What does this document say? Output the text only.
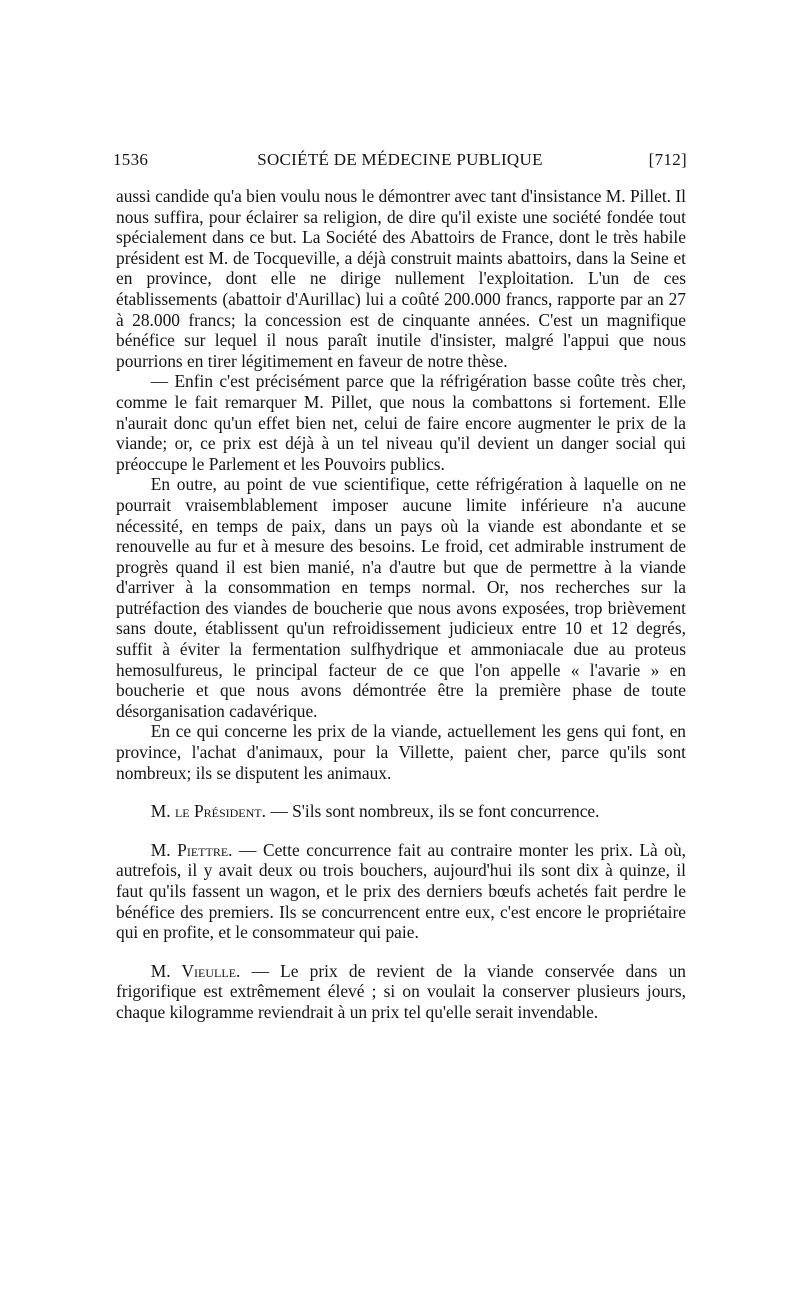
1536	SOCIÉTÉ DE MÉDECINE PUBLIQUE	[712]

aussi candide qu'a bien voulu nous le démontrer avec tant d'insistance M. Pillet. Il nous suffira, pour éclairer sa religion, de dire qu'il existe une société fondée tout spécialement dans ce but. La Société des Abattoirs de France, dont le très habile président est M. de Tocqueville, a déjà construit maints abattoirs, dans la Seine et en province, dont elle ne dirige nullement l'exploitation. L'un de ces établissements (abattoir d'Aurillac) lui a coûté 200.000 francs, rapporte par an 27 à 28.000 francs; la concession est de cinquante années. C'est un magnifique bénéfice sur lequel il nous paraît inutile d'insister, malgré l'appui que nous pourrions en tirer légitimement en faveur de notre thèse.

— Enfin c'est précisément parce que la réfrigération basse coûte très cher, comme le fait remarquer M. Pillet, que nous la combattons si fortement. Elle n'aurait donc qu'un effet bien net, celui de faire encore augmenter le prix de la viande; or, ce prix est déjà à un tel niveau qu'il devient un danger social qui préoccupe le Parlement et les Pouvoirs publics.

En outre, au point de vue scientifique, cette réfrigération à laquelle on ne pourrait vraisemblablement imposer aucune limite inférieure n'a aucune nécessité, en temps de paix, dans un pays où la viande est abondante et se renouvelle au fur et à mesure des besoins. Le froid, cet admirable instrument de progrès quand il est bien manié, n'a d'autre but que de permettre à la viande d'arriver à la consommation en temps normal. Or, nos recherches sur la putréfaction des viandes de boucherie que nous avons exposées, trop brièvement sans doute, établissent qu'un refroidissement judicieux entre 10 et 12 degrés, suffit à éviter la fermentation sulfhydrique et ammoniacale due au proteus hemosulfureus, le principal facteur de ce que l'on appelle « l'avarie » en boucherie et que nous avons démontrée être la première phase de toute désorganisation cadavérique.

En ce qui concerne les prix de la viande, actuellement les gens qui font, en province, l'achat d'animaux, pour la Villette, paient cher, parce qu'ils sont nombreux; ils se disputent les animaux.

M. le Président. — S'ils sont nombreux, ils se font concurrence.

M. Piettre. — Cette concurrence fait au contraire monter les prix. Là où, autrefois, il y avait deux ou trois bouchers, aujourd'hui ils sont dix à quinze, il faut qu'ils fassent un wagon, et le prix des derniers bœufs achetés fait perdre le bénéfice des premiers. Ils se concurrencent entre eux, c'est encore le propriétaire qui en profite, et le consommateur qui paie.

M. Vieulle. — Le prix de revient de la viande conservée dans un frigorifique est extrêmement élevé ; si on voulait la conserver plusieurs jours, chaque kilogramme reviendrait à un prix tel qu'elle serait invendable.
